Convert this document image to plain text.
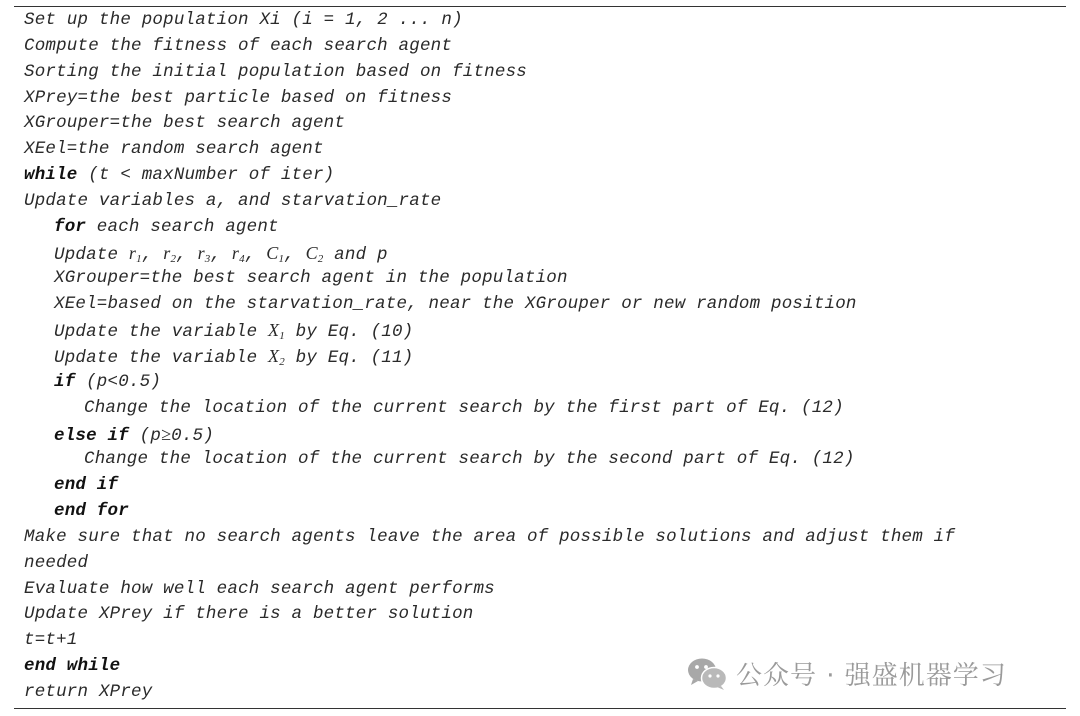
Set up the population Xi (i = 1, 2 ... n)
Compute the fitness of each search agent
Sorting the initial population based on fitness
XPrey=the best particle based on fitness
XGrouper=the best search agent
XEel=the random search agent
while (t < maxNumber of iter)
Update variables a, and starvation_rate
for each search agent
Update $r_1$, $r_2$, $r_3$, $r_4$, $C_1$, $C_2$ and p
XGrouper=the best search agent in the population
XEel=based on the starvation_rate, near the XGrouper or new random position
Update the variable $X_1$ by Eq. (10)
Update the variable $X_2$ by Eq. (11)
if (p<0.5)
Change the location of the current search by the first part of Eq. (12)
else if (p≥0.5)
Change the location of the current search by the second part of Eq. (12)
end if
end for
Make sure that no search agents leave the area of possible solutions and adjust them if
needed
Evaluate how well each search agent performs
Update XPrey if there is a better solution
t=t+1
end while
return XPrey
公众号 · 强盛机器学习
